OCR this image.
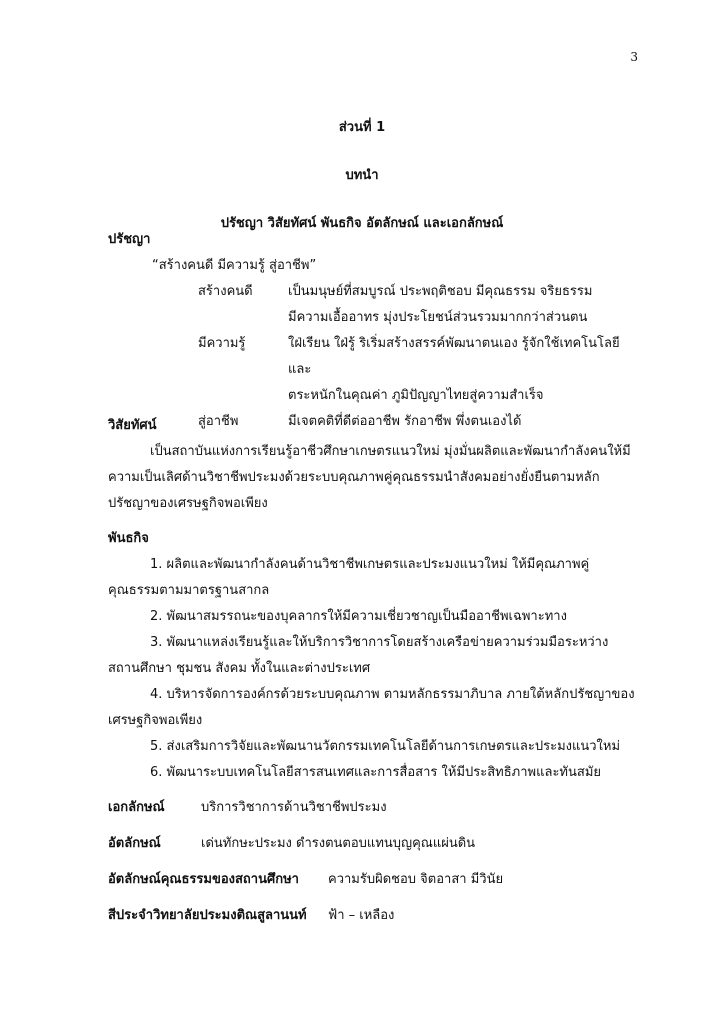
3
ส่วนที่ 1
บทนำ
ปรัชญา วิสัยทัศน์ พันธกิจ อัตลักษณ์ และเอกลักษณ์

ปรัชญา

“สร้างคนดี มีความรู้ สู่อาชีพ”

สร้างคนดี	เป็นมนุษย์ที่สมบูรณ์ ประพฤติชอบ มีคุณธรรม จริยธรรม
มีความเอื้ออาทร มุ่งประโยชน์ส่วนรวมมากกว่าส่วนตน
มีความรู้	ใฝ่เรียน ใฝ่รู้ ริเริ่มสร้างสรรค์พัฒนาตนเอง รู้จักใช้เทคโนโลยีและ
ตระหนักในคุณค่า ภูมิปัญญาไทยสู่ความสำเร็จ
สู่อาชีพ	มีเจตคติที่ดีต่ออาชีพ รักอาชีพ พึ่งตนเองได้

วิสัยทัศน์

เป็นสถาบันแห่งการเรียนรู้อาชีวศึกษาเกษตรแนวใหม่ มุ่งมั่นผลิตและพัฒนากำลังคนให้มีความเป็นเลิศด้านวิชาชีพประมงด้วยระบบคุณภาพคู่คุณธรรมนำสังคมอย่างยั่งยืนตามหลักปรัชญาของเศรษฐกิจพอเพียง

พันธกิจ

1. ผลิตและพัฒนากำลังคนด้านวิชาชีพเกษตรและประมงแนวใหม่ ให้มีคุณภาพคู่คุณธรรมตามมาตรฐานสากล

2. พัฒนาสมรรถนะของบุคลากรให้มีความเชี่ยวชาญเป็นมืออาชีพเฉพาะทาง

3. พัฒนาแหล่งเรียนรู้และให้บริการวิชาการโดยสร้างเครือข่ายความร่วมมือระหว่าง สถานศึกษา ชุมชน สังคม ทั้งในและต่างประเทศ

4. บริหารจัดการองค์กรด้วยระบบคุณภาพ ตามหลักธรรมาภิบาล ภายใต้หลักปรัชญาของเศรษฐกิจพอเพียง

5. ส่งเสริมการวิจัยและพัฒนานวัตกรรมเทคโนโลยีด้านการเกษตรและประมงแนวใหม่

6. พัฒนาระบบเทคโนโลยีสารสนเทศและการสื่อสาร ให้มีประสิทธิภาพและทันสมัย

เอกลักษณ์	บริการวิชาการด้านวิชาชีพประมง
อัตลักษณ์	เด่นทักษะประมง ดำรงตนตอบแทนบุญคุณแผ่นดิน
อัตลักษณ์คุณธรรมของสถานศึกษา	ความรับผิดชอบ จิตอาสา มีวินัย
สีประจำวิทยาลัยประมงติณสูลานนท์	ฟ้า – เหลือง
